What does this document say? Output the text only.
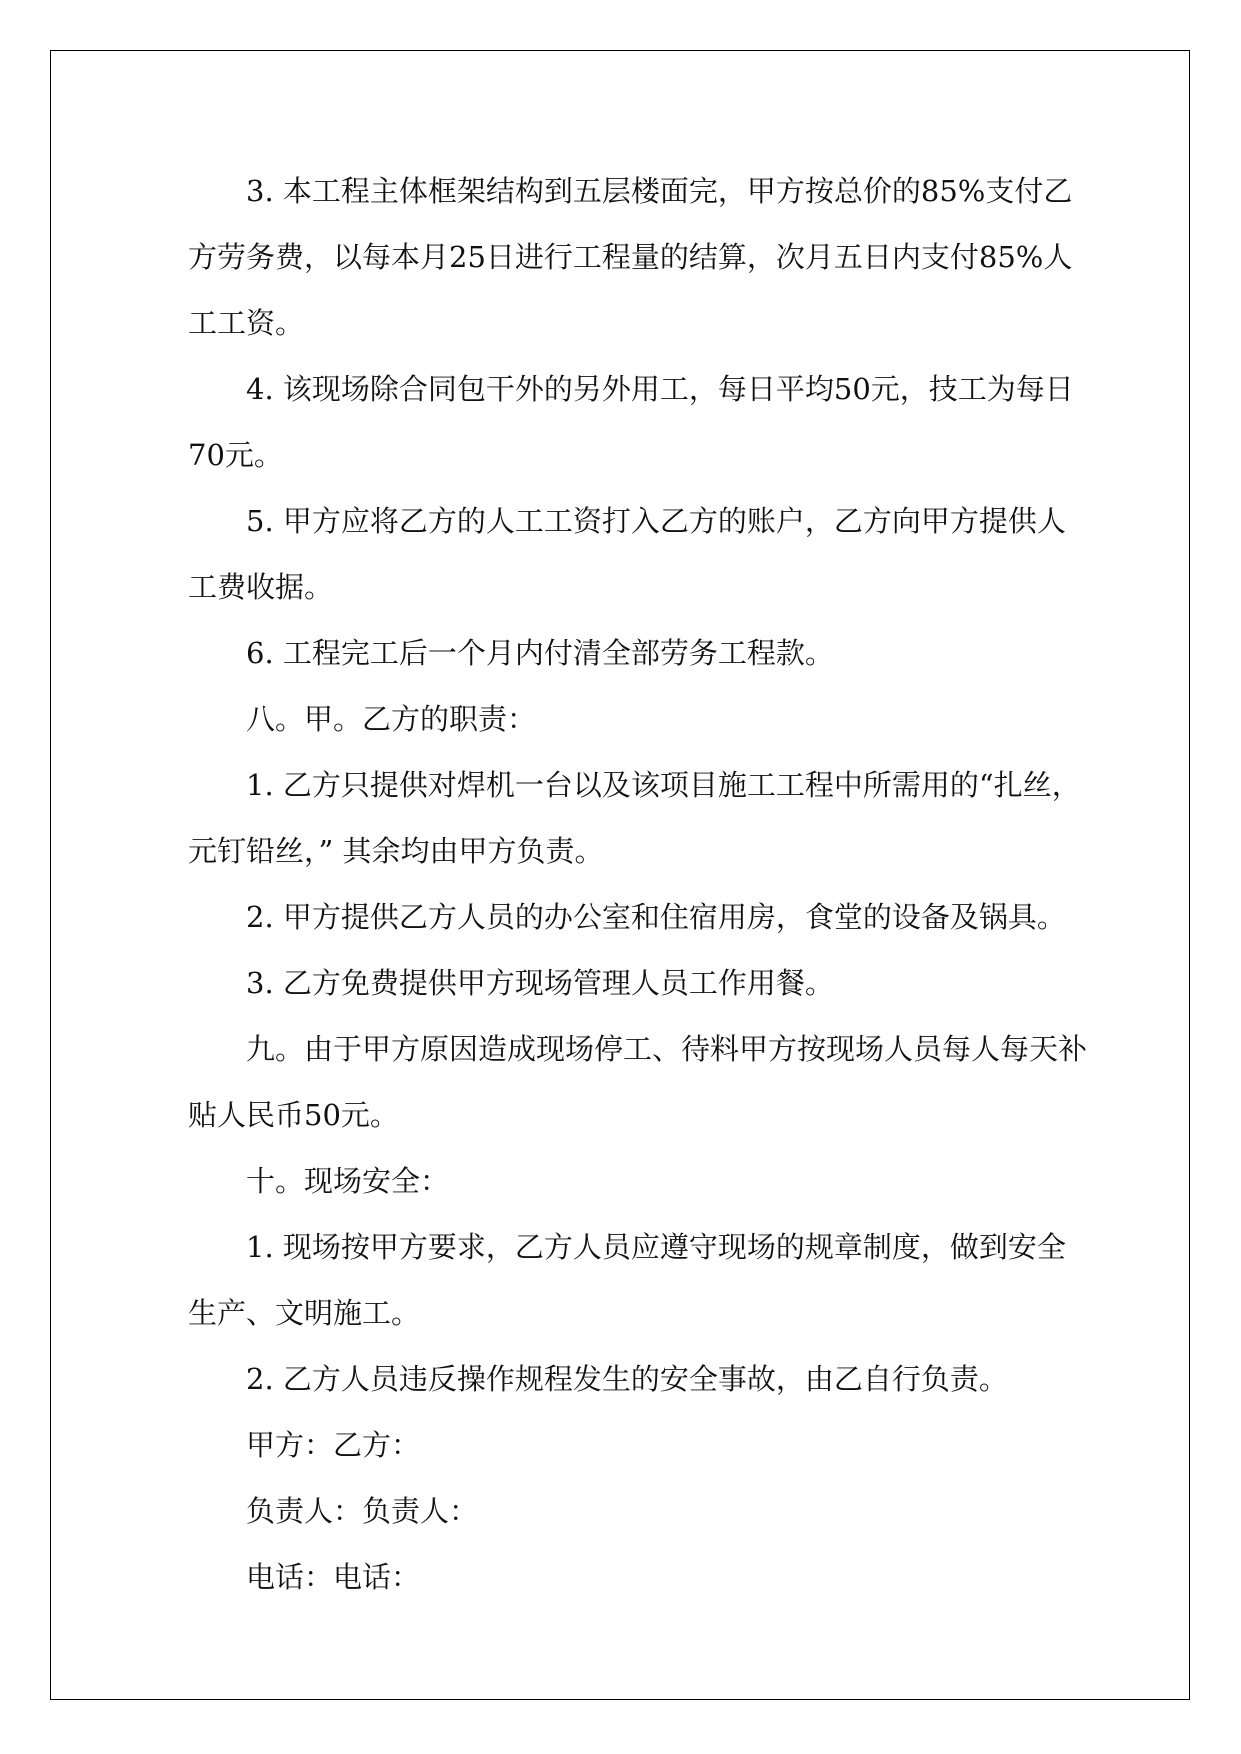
3. 本工程主体框架结构到五层楼面完，甲方按总价的85%支付乙方劳务费，以每本月25日进行工程量的结算，次月五日内支付85%人工工资。

4. 该现场除合同包干外的另外用工，每日平均50元，技工为每日70元。

5. 甲方应将乙方的人工工资打入乙方的账户，乙方向甲方提供人工费收据。

6. 工程完工后一个月内付清全部劳务工程款。

八。甲。乙方的职责：

1. 乙方只提供对焊机一台以及该项目施工工程中所需用的“扎丝，元钉铅丝，” 其余均由甲方负责。

2. 甲方提供乙方人员的办公室和住宿用房，食堂的设备及锅具。

3. 乙方免费提供甲方现场管理人员工作用餐。

九。由于甲方原因造成现场停工、待料甲方按现场人员每人每天补贴人民币50元。

十。现场安全：

1. 现场按甲方要求，乙方人员应遵守现场的规章制度，做到安全生产、文明施工。

2. 乙方人员违反操作规程发生的安全事故，由乙自行负责。

甲方：乙方：

负责人：负责人：

电话：电话：
